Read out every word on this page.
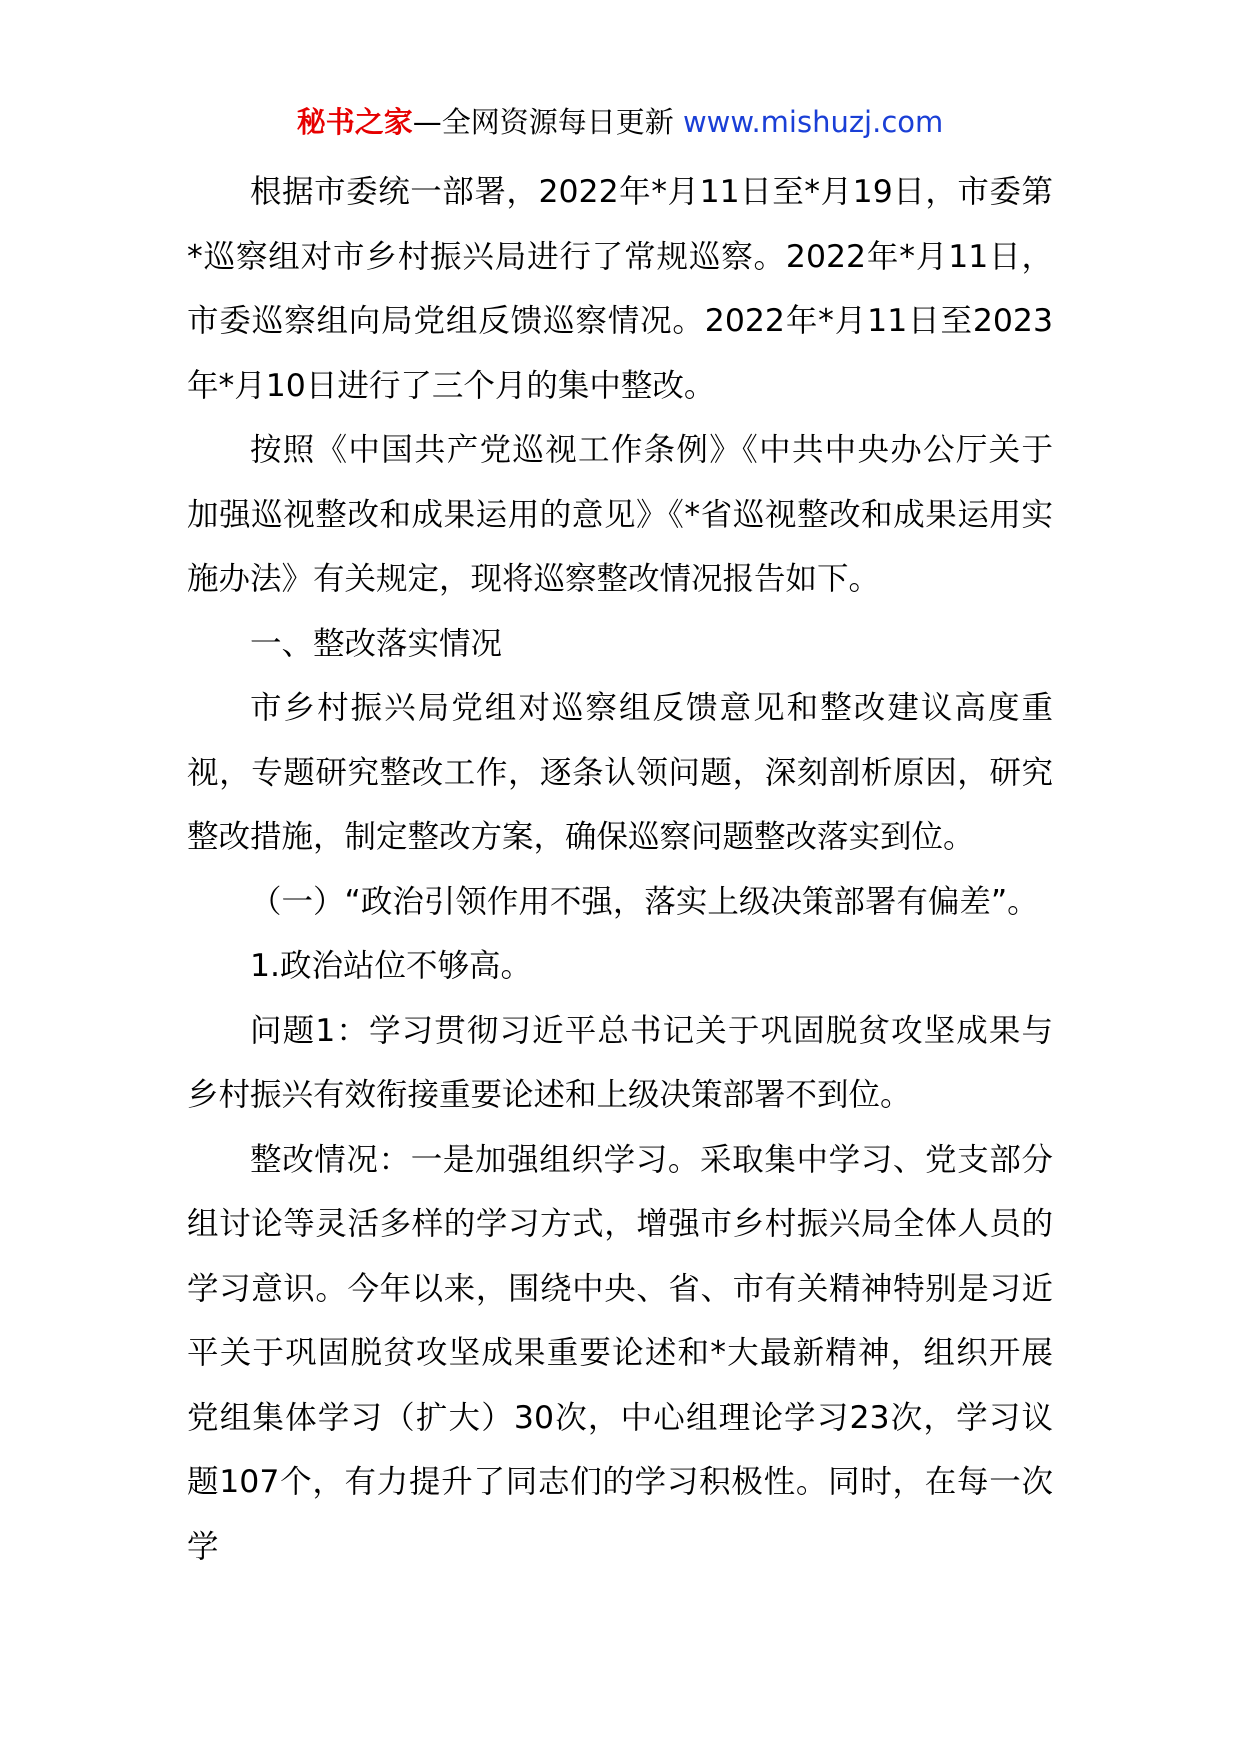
秘书之家—全网资源每日更新 www.mishuzj.com

根据市委统一部署，2022年*月11日至*月19日，市委第*巡察组对市乡村振兴局进行了常规巡察。2022年*月11日，市委巡察组向局党组反馈巡察情况。2022年*月11日至2023年*月10日进行了三个月的集中整改。

按照《中国共产党巡视工作条例》《中共中央办公厅关于加强巡视整改和成果运用的意见》《*省巡视整改和成果运用实施办法》有关规定，现将巡察整改情况报告如下。

一、整改落实情况

市乡村振兴局党组对巡察组反馈意见和整改建议高度重视，专题研究整改工作，逐条认领问题，深刻剖析原因，研究整改措施，制定整改方案，确保巡察问题整改落实到位。

（一）“政治引领作用不强，落实上级决策部署有偏差”。

1.政治站位不够高。

问题1：学习贯彻习近平总书记关于巩固脱贫攻坚成果与乡村振兴有效衔接重要论述和上级决策部署不到位。

整改情况：一是加强组织学习。采取集中学习、党支部分组讨论等灵活多样的学习方式，增强市乡村振兴局全体人员的学习意识。今年以来，围绕中央、省、市有关精神特别是习近平关于巩固脱贫攻坚成果重要论述和*大最新精神，组织开展党组集体学习（扩大）30次，中心组理论学习23次，学习议题107个，有力提升了同志们的学习积极性。同时，在每一次学
